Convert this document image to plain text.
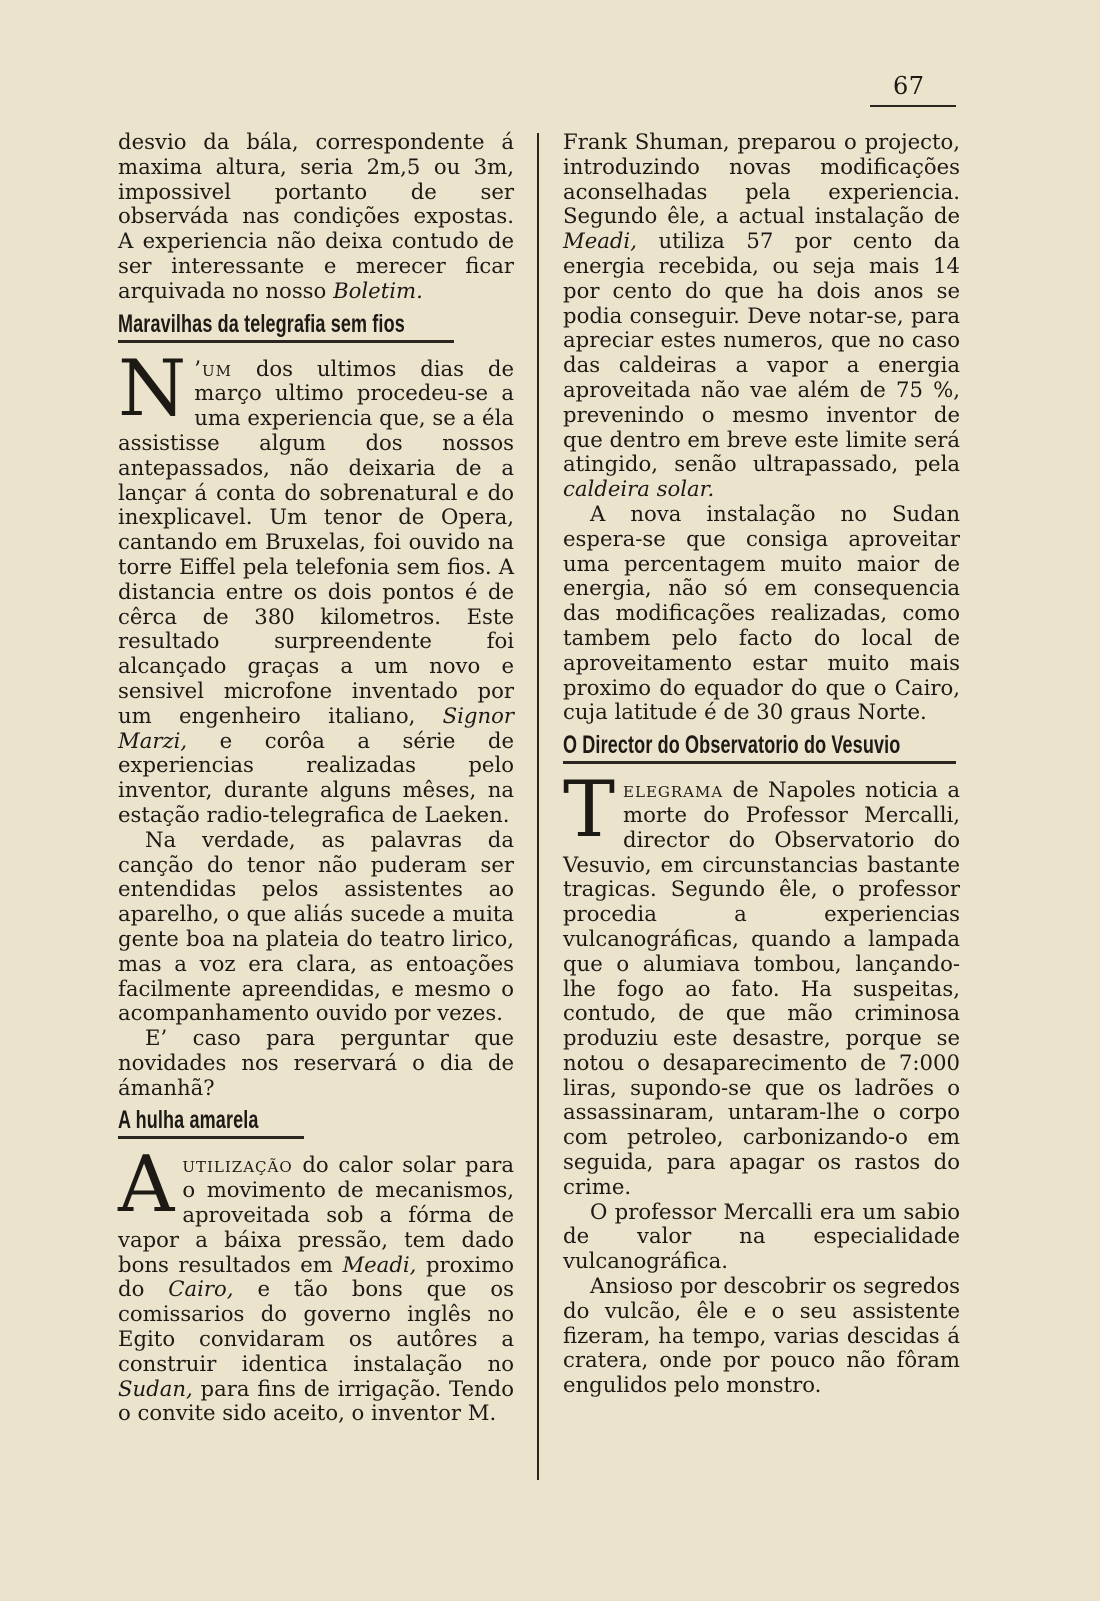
67

desvio da bála, correspondente á maxima altura, seria 2m,5 ou 3m, impossivel portanto de ser observáda nas condições expostas. A experiencia não deixa contudo de ser interessante e merecer ficar arquivada no nosso Boletim.

Maravilhas da telegrafia sem fios

N ’um dos ultimos dias de março ultimo procedeu-se a uma experiencia que, se a éla assistisse algum dos nossos antepassados, não deixaria de a lançar á conta do sobrenatural e do inexplicavel. Um tenor de Opera, cantando em Bruxelas, foi ouvido na torre Eiffel pela telefonia sem fios. A distancia entre os dois pontos é de cêrca de 380 kilometros. Este resultado surpreendente foi alcançado graças a um novo e sensivel microfone inventado por um engenheiro italiano, Signor Marzi, e corôa a série de experiencias realizadas pelo inventor, durante alguns mêses, na estação radio-telegrafica de Laeken.

Na verdade, as palavras da canção do tenor não puderam ser entendidas pelos assistentes ao aparelho, o que aliás sucede a muita gente boa na plateia do teatro lirico, mas a voz era clara, as entoações facilmente apreendidas, e mesmo o acompanhamento ouvido por vezes.

E’ caso para perguntar que novidades nos reservará o dia de ámanhã?

A hulha amarela

Autilização do calor solar para o movimento de mecanismos, aproveitada sob a fórma de vapor a báixa pressão, tem dado bons resultados em Meadi, proximo do Cairo, e tão bons que os comissarios do governo inglês no Egito convidaram os autôres a construir identica instalação no Sudan, para fins de irrigação. Tendo o convite sido aceito, o inventor M.

Frank Shuman, preparou o projecto, introduzindo novas modificações aconselhadas pela experiencia. Segundo êle, a actual instalação de Meadi, utiliza 57 por cento da energia recebida, ou seja mais 14 por cento do que ha dois anos se podia conseguir. Deve notar-se, para apreciar estes numeros, que no caso das caldeiras a vapor a energia aproveitada não vae além de 75 %, prevenindo o mesmo inventor de que dentro em breve este limite será atingido, senão ultrapassado, pela caldeira solar.

A nova instalação no Sudan espera-se que consiga aproveitar uma percentagem muito maior de energia, não só em consequencia das modificações realizadas, como tambem pelo facto do local de aproveitamento estar muito mais proximo do equador do que o Cairo, cuja latitude é de 30 graus Norte.

O Director do Observatorio do Vesuvio

Telegrama de Napoles noticia a morte do Professor Mercalli, director do Observatorio do Vesuvio, em circunstancias bastante tragicas. Segundo êle, o professor procedia a experiencias vulcanográficas, quando a lampada que o alumiava tombou, lançando-lhe fogo ao fato. Ha suspeitas, contudo, de que mão criminosa produziu este desastre, porque se notou o desaparecimento de 7:000 liras, supondo-se que os ladrões o assassinaram, untaram-lhe o corpo com petroleo, carbonizando-o em seguida, para apagar os rastos do crime.

O professor Mercalli era um sabio de valor na especialidade vulcanográfica.

Ansioso por descobrir os segredos do vulcão, êle e o seu assistente fizeram, ha tempo, varias descidas á cratera, onde por pouco não fôram engulidos pelo monstro.
